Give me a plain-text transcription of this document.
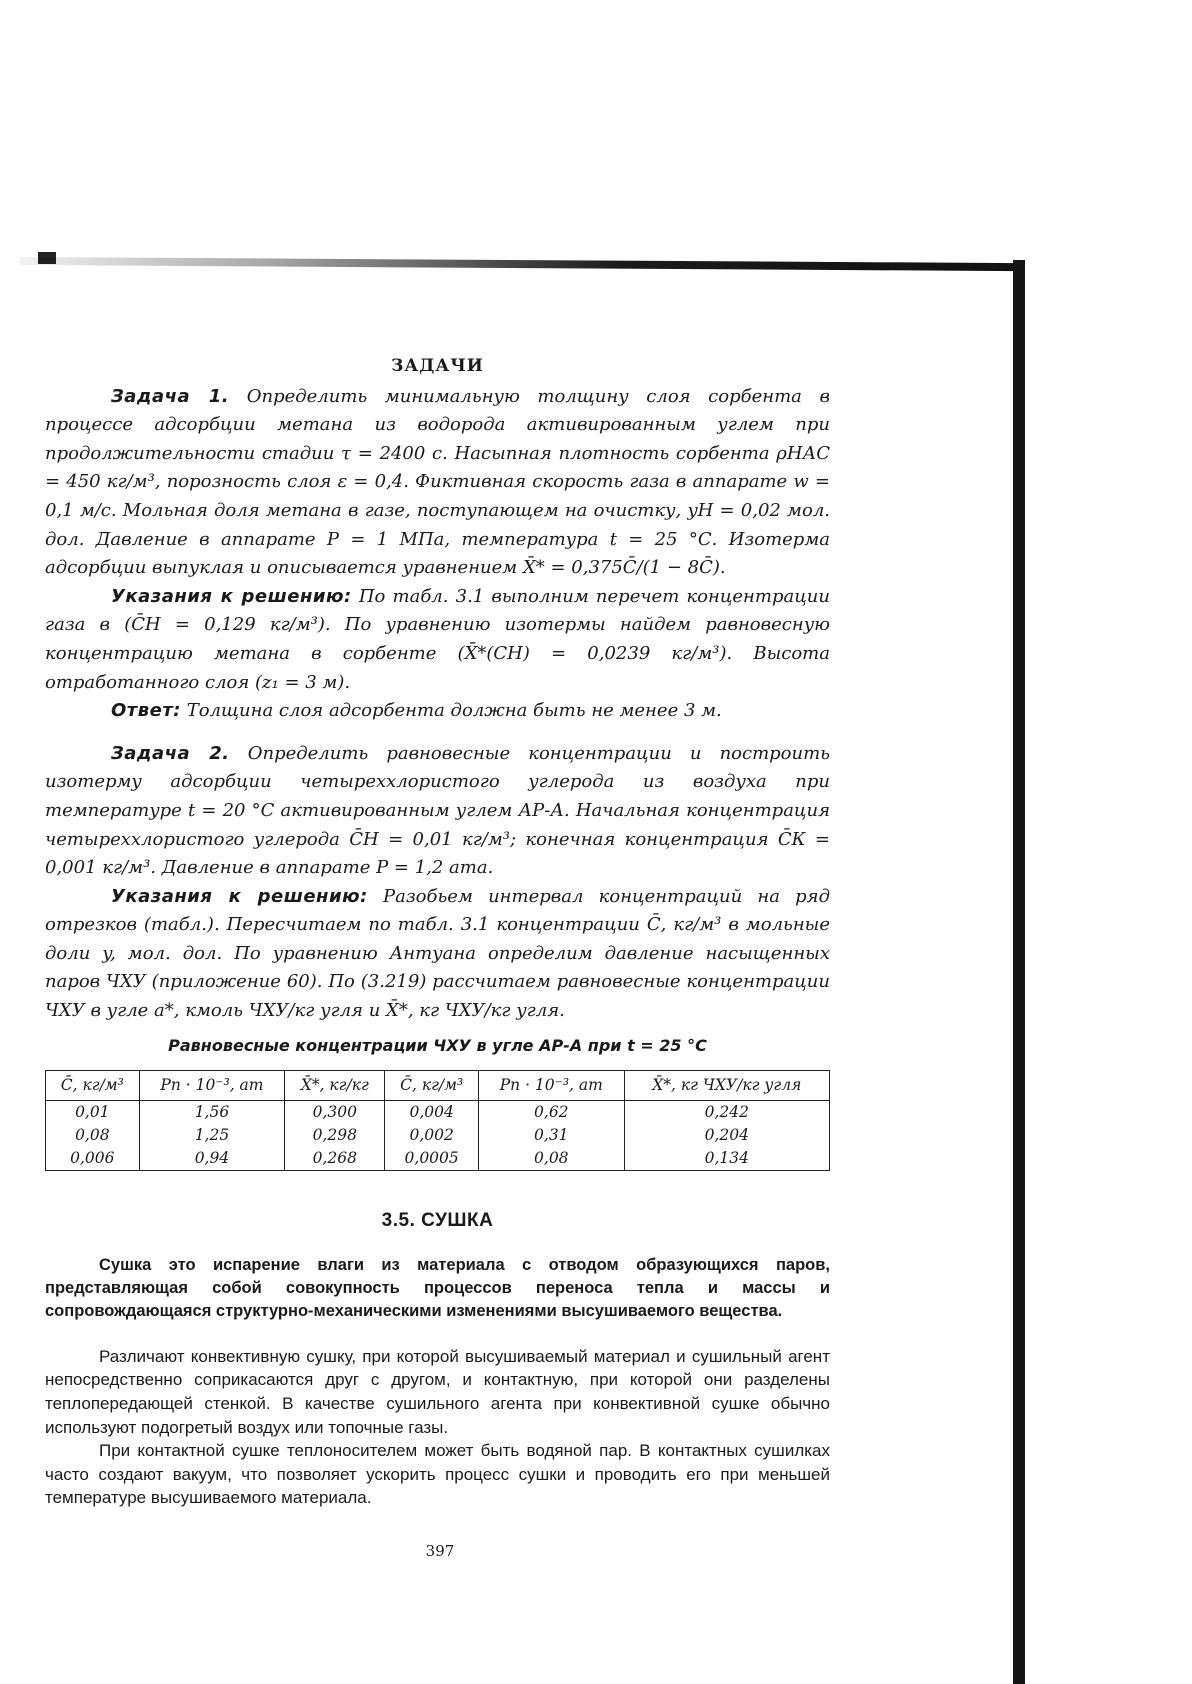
ЗАДАЧИ

Задача 1. Определить минимальную толщину слоя сорбента в процессе адсорбции метана из водорода активированным углем при продолжительности стадии τ = 2400 с. Насыпная плотность сорбента ρНАС = 450 кг/м³, порозность слоя ε = 0,4. Фиктивная скорость газа в аппарате w = 0,1 м/с. Мольная доля метана в газе, поступающем на очистку, yН = 0,02 мол. дол. Давление в аппарате P = 1 МПа, температура t = 25 °С. Изотерма адсорбции выпуклая и описывается уравнением X̄* = 0,375C̄/(1 − 8C̄).

Указания к решению: По табл. 3.1 выполним перечет концентрации газа в (C̄Н = 0,129 кг/м³). По уравнению изотермы найдем равновесную концентрацию метана в сорбенте (X̄*(CН) = 0,0239 кг/м³). Высота отработанного слоя (z₁ = 3 м).

Ответ: Толщина слоя адсорбента должна быть не менее 3 м.

Задача 2. Определить равновесные концентрации и построить изотерму адсорбции четыреххлористого углерода из воздуха при температуре t = 20 °С активированным углем АР-А. Начальная концентрация четыреххлористого углерода C̄Н = 0,01 кг/м³; конечная концентрация C̄К = 0,001 кг/м³. Давление в аппарате P = 1,2 ата.

Указания к решению: Разобьем интервал концентраций на ряд отрезков (табл.). Пересчитаем по табл. 3.1 концентрации C̄, кг/м³ в мольные доли y, мол. дол. По уравнению Антуана определим давление насыщенных паров ЧХУ (приложение 60). По (3.219) рассчитаем равновесные концентрации ЧХУ в угле a*, кмоль ЧХУ/кг угля и X̄*, кг ЧХУ/кг угля.

Равновесные концентрации ЧХУ в угле АР-А при t = 25 °С
C̄, кг/м³	Pп · 10⁻³, ат	X̄*, кг/кг	C̄, кг/м³	Pп · 10⁻³, ат	X̄*, кг ЧХУ/кг угля
0,01	1,56	0,300	0,004	0,62	0,242
0,08	1,25	0,298	0,002	0,31	0,204
0,006	0,94	0,268	0,0005	0,08	0,134
3.5. СУШКА

Сушка это испарение влаги из материала с отводом образующихся паров, представляющая собой совокупность процессов переноса тепла и массы и сопровождающаяся структурно-механическими изменениями высушиваемого вещества.

Различают конвективную сушку, при которой высушиваемый материал и сушильный агент непосредственно соприкасаются друг с другом, и контактную, при которой они разделены теплопередающей стенкой. В качестве сушильного агента при конвективной сушке обычно используют подогретый воздух или топочные газы.

При контактной сушке теплоносителем может быть водяной пар. В контактных сушилках часто создают вакуум, что позволяет ускорить процесс сушки и проводить его при меньшей температуре высушиваемого материала.

397
